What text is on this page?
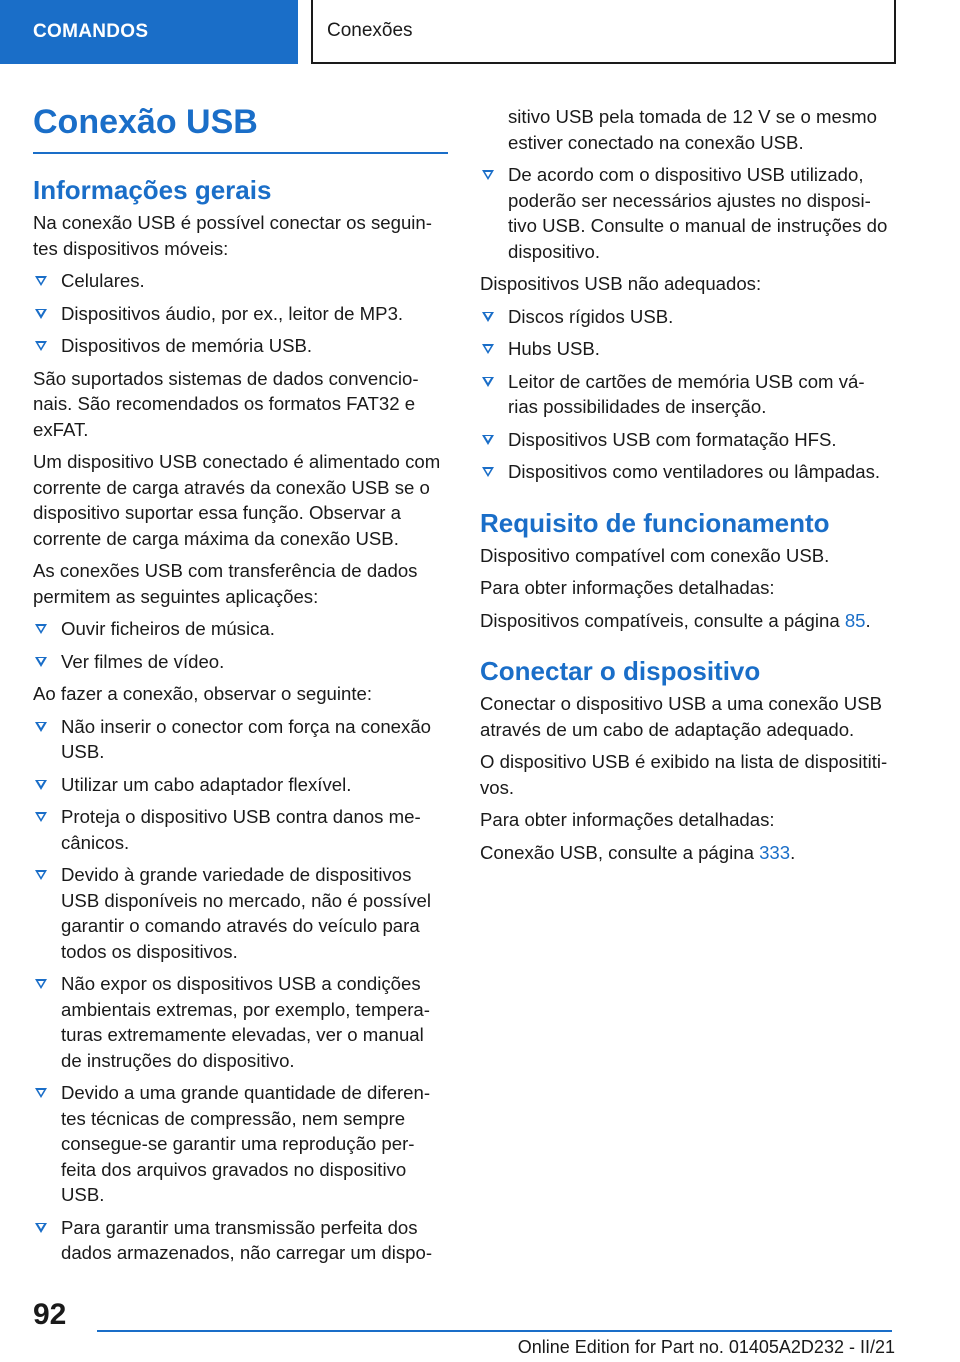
COMANDOS	Conexões
Conexão USB
Informações gerais
Na conexão USB é possível conectar os seguin-tes dispositivos móveis:
Celulares.
Dispositivos áudio, por ex., leitor de MP3.
Dispositivos de memória USB.
São suportados sistemas de dados convencio-nais. São recomendados os formatos FAT32 e exFAT.
Um dispositivo USB conectado é alimentado com corrente de carga através da conexão USB se o dispositivo suportar essa função. Observar a corrente de carga máxima da conexão USB.
As conexões USB com transferência de dados permitem as seguintes aplicações:
Ouvir ficheiros de música.
Ver filmes de vídeo.
Ao fazer a conexão, observar o seguinte:
Não inserir o conector com força na conexão USB.
Utilizar um cabo adaptador flexível.
Proteja o dispositivo USB contra danos me-cânicos.
Devido à grande variedade de dispositivos USB disponíveis no mercado, não é possível garantir o comando através do veículo para todos os dispositivos.
Não expor os dispositivos USB a condições ambientais extremas, por exemplo, tempera-turas extremamente elevadas, ver o manual de instruções do dispositivo.
Devido a uma grande quantidade de diferen-tes técnicas de compressão, nem sempre consegue-se garantir uma reprodução per-feita dos arquivos gravados no dispositivo USB.
Para garantir uma transmissão perfeita dos dados armazenados, não carregar um dispo-
sitivo USB pela tomada de 12 V se o mesmo estiver conectado na conexão USB.
De acordo com o dispositivo USB utilizado, poderão ser necessários ajustes no disposi-tivo USB. Consulte o manual de instruções do dispositivo.
Dispositivos USB não adequados:
Discos rígidos USB.
Hubs USB.
Leitor de cartões de memória USB com vá-rias possibilidades de inserção.
Dispositivos USB com formatação HFS.
Dispositivos como ventiladores ou lâmpadas.
Requisito de funcionamento
Dispositivo compatível com conexão USB.
Para obter informações detalhadas:
Dispositivos compatíveis, consulte a página 85.
Conectar o dispositivo
Conectar o dispositivo USB a uma conexão USB através de um cabo de adaptação adequado.
O dispositivo USB é exibido na lista de disposititi-vos.
Para obter informações detalhadas:
Conexão USB, consulte a página 333.
92
Online Edition for Part no. 01405A2D232 - II/21
